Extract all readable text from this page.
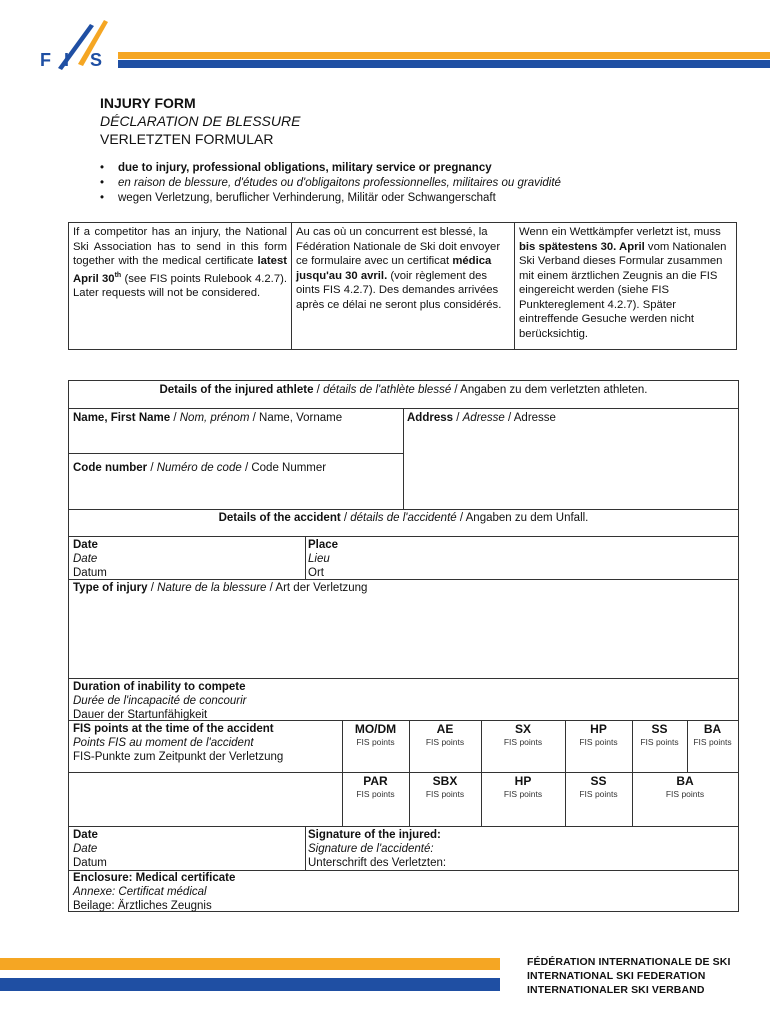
F I S
INJURY FORM
DÉCLARATION DE BLESSURE
VERLETZTEN FORMULAR
• due to injury, professional obligations, military service or pregnancy
• en raison de blessure, d'études ou d'obligaitons professionnelles, militaires ou gravidité
• wegen Verletzung, beruflicher Verhinderung, Militär oder Schwangerschaft
If a competitor has an injury, the National Ski Association has to send in this form together with the medical certificate latest April 30th (see FIS points Rulebook 4.2.7). Later requests will not be considered.
Au cas où un concurrent est blessé, la Fédération Nationale de Ski doit envoyer ce formulaire avec un certificat médica jusqu'au 30 avril. (voir règlement des oints FIS 4.2.7). Des demandes arrivées après ce délai ne seront plus considérés.
Wenn ein Wettkämpfer verletzt ist, muss bis spätestens 30. April vom Nationalen Ski Verband dieses Formular zusammen mit einem ärztlichen Zeugnis an die FIS eingereicht werden (siehe FIS Punktereglement 4.2.7). Später eintreffende Gesuche werden nicht berücksichtig.
Details of the injured athlete / détails de l'athlète blessé / Angaben zu dem verletzten athleten.
Name, First Name / Nom, prénom / Name, Vorname	Address / Adresse / Adresse
Code number / Numéro de code / Code Nummer
Details of the accident / détails de l'accidenté / Angaben zu dem Unfall.
Date
Date
Datum
Place
Lieu
Ort
Type of injury / Nature de la blessure / Art der Verletzung
Duration of inability to compete
Durée de l'incapacité de concourir
Dauer der Startunfähigkeit
FIS points at the time of the accident
Points FIS au moment de l'accident
FIS-Punkte zum Zeitpunkt der Verletzung
MO/DM	AE	SX	HP	SS	BA
FIS points	FIS points	FIS points	FIS points	FIS points	FIS points
PAR	SBX	HP	SS	BA
FIS points	FIS points	FIS points	FIS points	FIS points
Date
Date
Datum
Signature of the injured:
Signature de l'accidenté:
Unterschrift des Verletzten:
Enclosure: Medical certificate
Annexe: Certificat médical
Beilage: Ärztliches Zeugnis
FÉDÉRATION INTERNATIONALE DE SKI
INTERNATIONAL SKI FEDERATION
INTERNATIONALER SKI VERBAND
